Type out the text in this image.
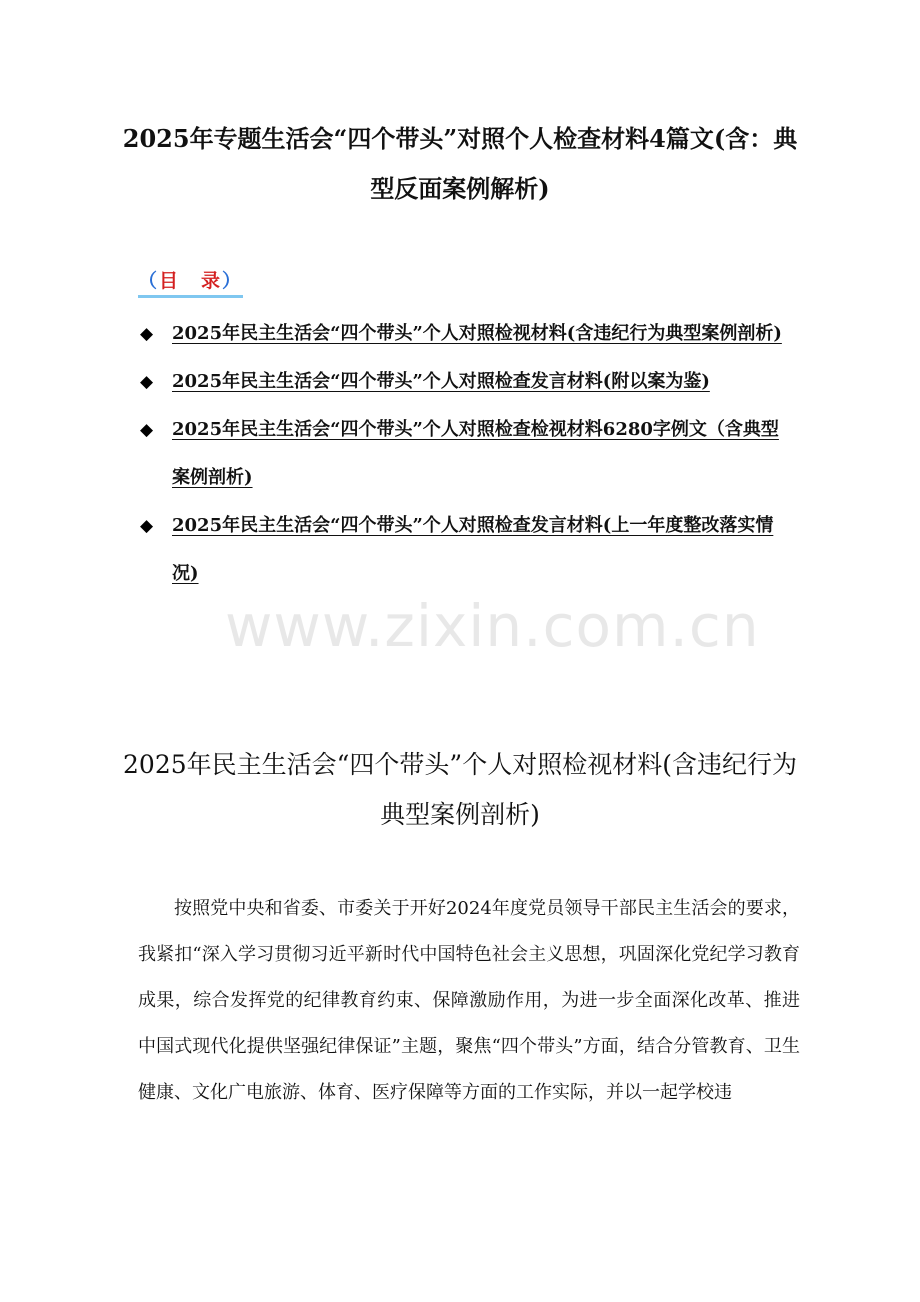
2025年专题生活会“四个带头”对照个人检查材料4篇文(含：典型反面案例解析)
（目　录）
◆ 2025年民主生活会“四个带头”个人对照检视材料(含违纪行为典型案例剖析)
◆ 2025年民主生活会“四个带头”个人对照检查发言材料(附以案为鉴)
◆ 2025年民主生活会“四个带头”个人对照检查检视材料6280字例文（含典型案例剖析)
◆ 2025年民主生活会“四个带头”个人对照检查发言材料(上一年度整改落实情况)
www.zixin.com.cn
2025年民主生活会“四个带头”个人对照检视材料(含违纪行为典型案例剖析)

按照党中央和省委、市委关于开好2024年度党员领导干部民主生活会的要求，我紧扣“深入学习贯彻习近平新时代中国特色社会主义思想，巩固深化党纪学习教育成果，综合发挥党的纪律教育约束、保障激励作用，为进一步全面深化改革、推进中国式现代化提供坚强纪律保证”主题，聚焦“四个带头”方面，结合分管教育、卫生健康、文化广电旅游、体育、医疗保障等方面的工作实际，并以一起学校违
